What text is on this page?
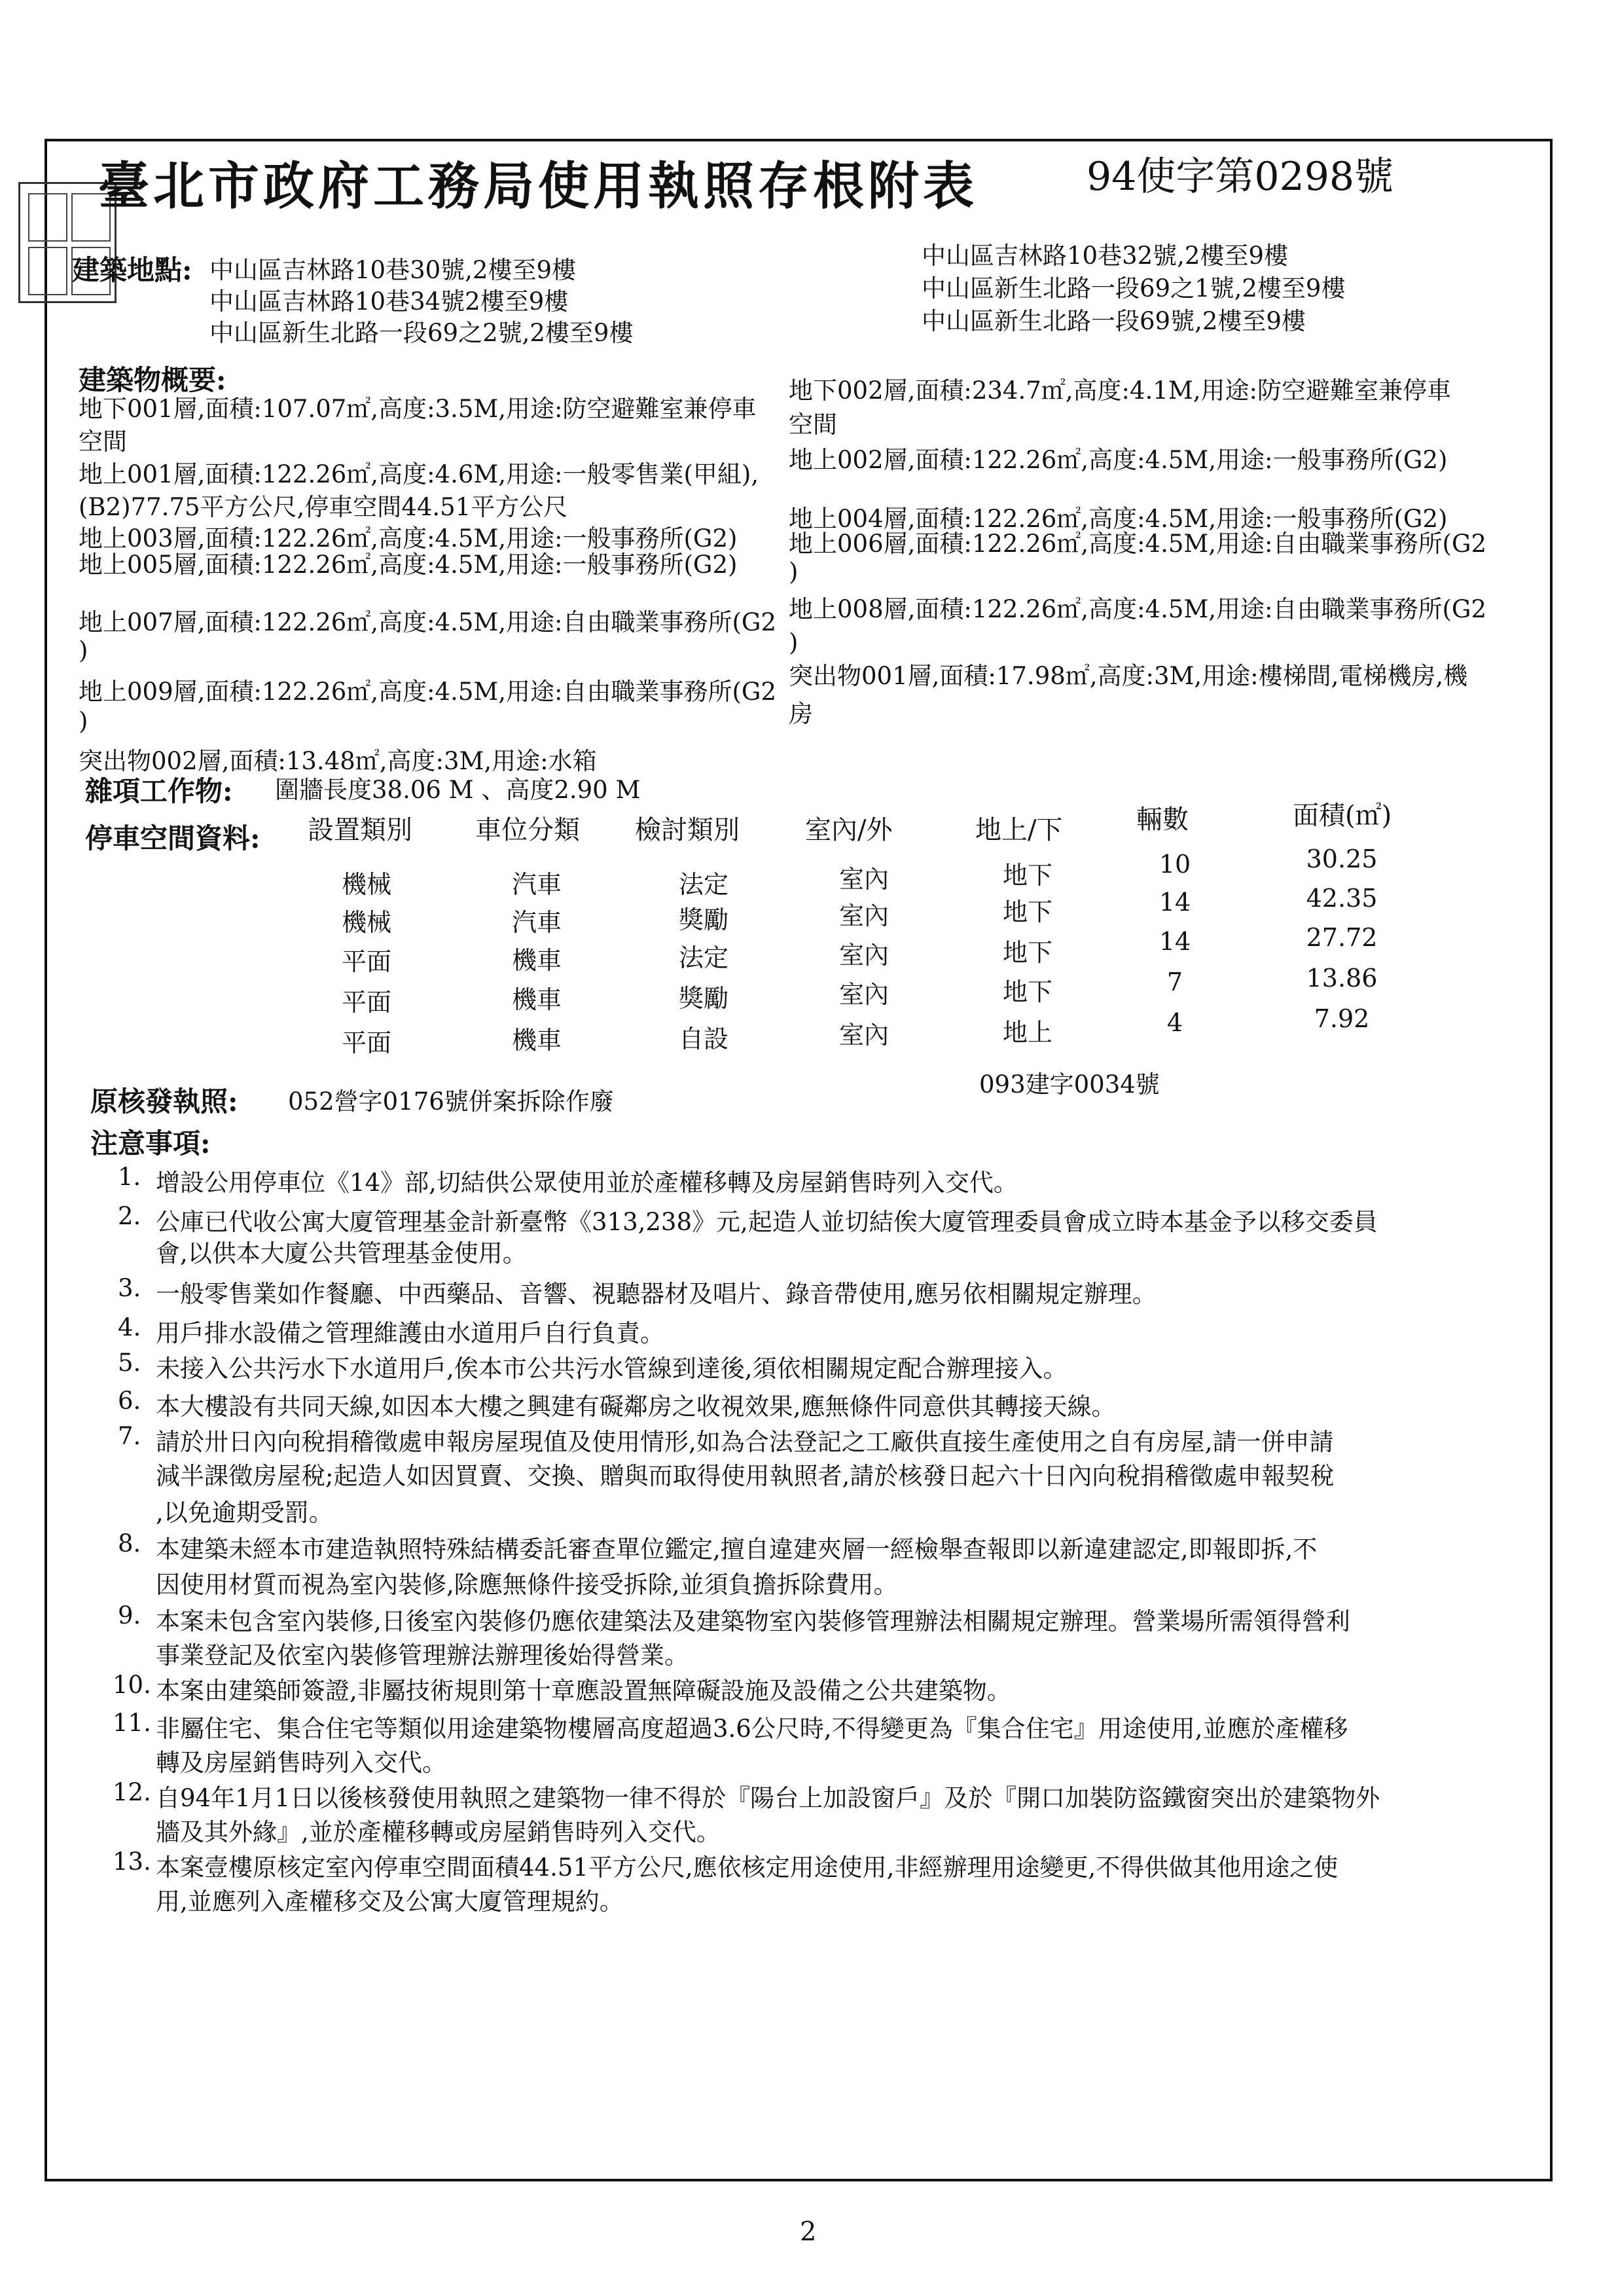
臺北市政府工務局使用執照存根附表	94使字第0298號
建築地點: 中山區吉林路10巷30號,2樓至9樓
中山區吉林路10巷34號2樓至9樓
中山區新生北路一段69之2號,2樓至9樓
中山區吉林路10巷32號,2樓至9樓
中山區新生北路一段69之1號,2樓至9樓
中山區新生北路一段69號,2樓至9樓
建築物概要:
地下001層,面積:107.07㎡,高度:3.5M,用途:防空避難室兼停車
空間
地上001層,面積:122.26㎡,高度:4.6M,用途:一般零售業(甲組),
(B2)77.75平方公尺,停車空間44.51平方公尺
地上003層,面積:122.26㎡,高度:4.5M,用途:一般事務所(G2)
地上005層,面積:122.26㎡,高度:4.5M,用途:一般事務所(G2)
地上007層,面積:122.26㎡,高度:4.5M,用途:自由職業事務所(G2
)
地上009層,面積:122.26㎡,高度:4.5M,用途:自由職業事務所(G2
)
突出物002層,面積:13.48㎡,高度:3M,用途:水箱
地下002層,面積:234.7㎡,高度:4.1M,用途:防空避難室兼停車
空間
地上002層,面積:122.26㎡,高度:4.5M,用途:一般事務所(G2)
地上004層,面積:122.26㎡,高度:4.5M,用途:一般事務所(G2)
地上006層,面積:122.26㎡,高度:4.5M,用途:自由職業事務所(G2
)
地上008層,面積:122.26㎡,高度:4.5M,用途:自由職業事務所(G2
)
突出物001層,面積:17.98㎡,高度:3M,用途:樓梯間,電梯機房,機
房
雜項工作物: 圍牆長度38.06 M 、高度2.90 M
停車空間資料: 設置類別 車位分類 檢討類別	室內/外	地上/下	輛數	面積(㎡)
機械	汽車	法定	室內	地下	10	30.25
機械	汽車	獎勵	室內	地下	14	42.35
平面	機車	法定	室內	地下	14	27.72
平面	機車	獎勵	室內	地下	7	13.86
平面	機車	自設	室內	地上	4	7.92
原核發執照: 052營字0176號併案拆除作廢
093建字0034號
注意事項:
1. 增設公用停車位《14》部,切結供公眾使用並於產權移轉及房屋銷售時列入交代。
2. 公庫已代收公寓大廈管理基金計新臺幣《313,238》元,起造人並切結俟大廈管理委員會成立時本基金予以移交委員
會,以供本大廈公共管理基金使用。
3. 一般零售業如作餐廳、中西藥品、音響、視聽器材及唱片、錄音帶使用,應另依相關規定辦理。
4. 用戶排水設備之管理維護由水道用戶自行負責。
5. 未接入公共污水下水道用戶,俟本市公共污水管線到達後,須依相關規定配合辦理接入。
6. 本大樓設有共同天線,如因本大樓之興建有礙鄰房之收視效果,應無條件同意供其轉接天線。
7. 請於卅日內向稅捐稽徵處申報房屋現值及使用情形,如為合法登記之工廠供直接生產使用之自有房屋,請一併申請
減半課徵房屋稅;起造人如因買賣、交換、贈與而取得使用執照者,請於核發日起六十日內向稅捐稽徵處申報契稅
,以免逾期受罰。
8. 本建築未經本市建造執照特殊結構委託審查單位鑑定,擅自違建夾層一經檢舉查報即以新違建認定,即報即拆,不
因使用材質而視為室內裝修,除應無條件接受拆除,並須負擔拆除費用。
9. 本案未包含室內裝修,日後室內裝修仍應依建築法及建築物室內裝修管理辦法相關規定辦理。營業場所需領得營利
事業登記及依室內裝修管理辦法辦理後始得營業。
10. 本案由建築師簽證,非屬技術規則第十章應設置無障礙設施及設備之公共建築物。
11. 非屬住宅、集合住宅等類似用途建築物樓層高度超過3.6公尺時,不得變更為『集合住宅』用途使用,並應於產權移
轉及房屋銷售時列入交代。
12. 自94年1月1日以後核發使用執照之建築物一律不得於『陽台上加設窗戶』及於『開口加裝防盜鐵窗突出於建築物外
牆及其外緣』,並於產權移轉或房屋銷售時列入交代。
13. 本案壹樓原核定室內停車空間面積44.51平方公尺,應依核定用途使用,非經辦理用途變更,不得供做其他用途之使
用,並應列入產權移交及公寓大廈管理規約。
2
